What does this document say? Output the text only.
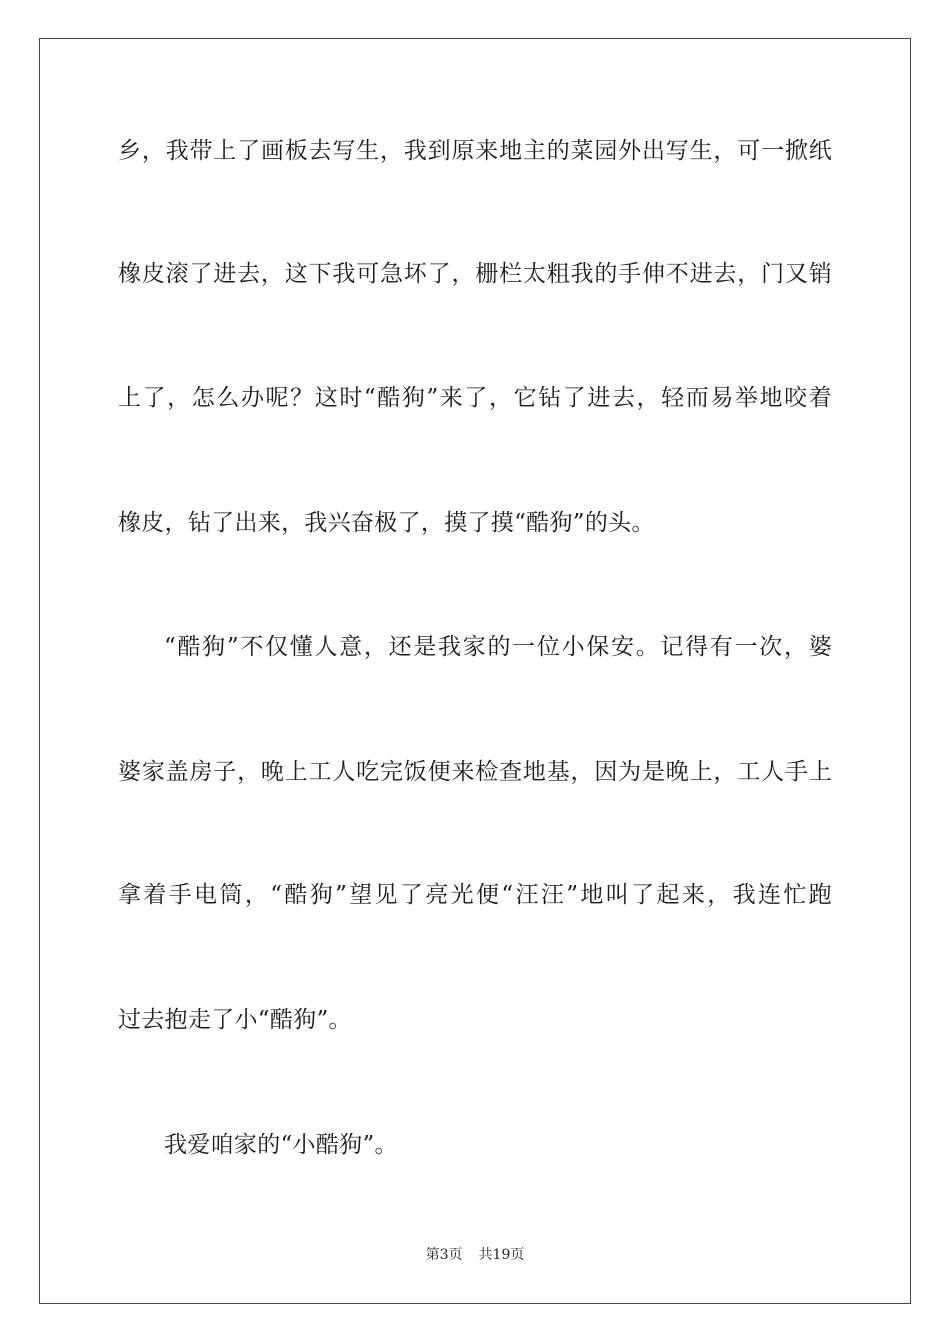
乡，我带上了画板去写生，我到原来地主的菜园外出写生，可一掀纸
橡皮滚了进去，这下我可急坏了，栅栏太粗我的手伸不进去，门又销
上了，怎么办呢？这时“酷狗”来了，它钻了进去，轻而易举地咬着
橡皮，钻了出来，我兴奋极了，摸了摸“酷狗”的头。
“酷狗”不仅懂人意，还是我家的一位小保安。记得有一次，婆
婆家盖房子，晚上工人吃完饭便来检查地基，因为是晚上，工人手上
拿着手电筒，“酷狗”望见了亮光便“汪汪”地叫了起来，我连忙跑
过去抱走了小“酷狗”。
我爱咱家的“小酷狗”。
第3页 共19页
